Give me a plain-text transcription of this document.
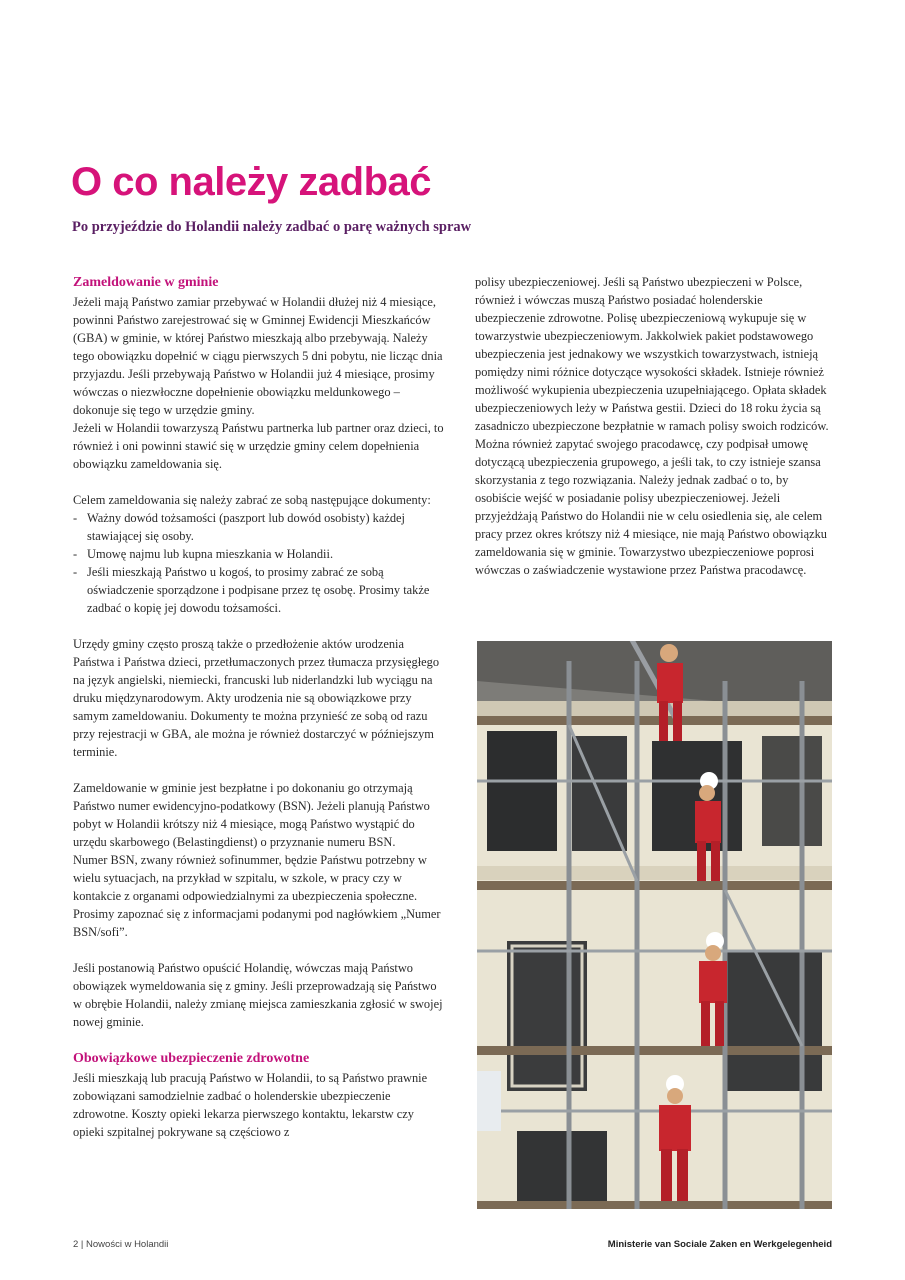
O co należy zadbać
Po przyjeździe do Holandii należy zadbać o parę ważnych spraw
Zameldowanie w gminie

Jeżeli mają Państwo zamiar przebywać w Holandii dłużej niż 4 miesiące, powinni Państwo zarejestrować się w Gminnej Ewidencji Mieszkańców (GBA) w gminie, w której Państwo mieszkają albo przebywają. Należy tego obowiązku dopełnić w ciągu pierwszych 5 dni pobytu, nie licząc dnia przyjazdu. Jeśli przebywają Państwo w Holandii już 4 miesiące, prosimy wówczas o niezwłoczne dopełnienie obowiązku meldunkowego – dokonuje się tego w urzędzie gminy.

Jeżeli w Holandii towarzyszą Państwu partnerka lub partner oraz dzieci, to również i oni powinni stawić się w urzędzie gminy celem dopełnienia obowiązku zameldowania się.

Celem zameldowania się należy zabrać ze sobą następujące dokumenty:

- Ważny dowód tożsamości (paszport lub dowód osobisty) każdej stawiającej się osoby.
- Umowę najmu lub kupna mieszkania w Holandii.
- Jeśli mieszkają Państwo u kogoś, to prosimy zabrać ze sobą oświadczenie sporządzone i podpisane przez tę osobę. Prosimy także zadbać o kopię jej dowodu tożsamości.

Urzędy gminy często proszą także o przedłożenie aktów urodzenia Państwa i Państwa dzieci, przetłumaczonych przez tłumacza przysięgłego na język angielski, niemiecki, francuski lub niderlandzki lub wyciągu na druku międzynarodowym. Akty urodzenia nie są obowiązkowe przy samym zameldowaniu. Dokumenty te można przynieść ze sobą od razu przy rejestracji w GBA, ale można je również dostarczyć w późniejszym terminie.

Zameldowanie w gminie jest bezpłatne i po dokonaniu go otrzymają Państwo numer ewidencyjno-podatkowy (BSN). Jeżeli planują Państwo pobyt w Holandii krótszy niż 4 miesiące, mogą Państwo wystąpić do urzędu skarbowego (Belastingdienst) o przyznanie numeru BSN.

Numer BSN, zwany również sofinummer, będzie Państwu potrzebny w wielu sytuacjach, na przykład w szpitalu, w szkole, w pracy czy w kontakcie z organami odpowiedzialnymi za ubezpieczenia społeczne. Prosimy zapoznać się z informacjami podanymi pod nagłówkiem „Numer BSN/sofi”.

Jeśli postanowią Państwo opuścić Holandię, wówczas mają Państwo obowiązek wymeldowania się z gminy. Jeśli przeprowadzają się Państwo w obrębie Holandii, należy zmianę miejsca zamieszkania zgłosić w swojej nowej gminie.

Obowiązkowe ubezpieczenie zdrowotne

Jeśli mieszkają lub pracują Państwo w Holandii, to są Państwo prawnie zobowiązani samodzielnie zadbać o holenderskie ubezpieczenie zdrowotne. Koszty opieki lekarza pierwszego kontaktu, lekarstw czy opieki szpitalnej pokrywane są częściowo z

polisy ubezpieczeniowej. Jeśli są Państwo ubezpieczeni w Polsce, również i wówczas muszą Państwo posiadać holenderskie ubezpieczenie zdrowotne. Polisę ubezpieczeniową wykupuje się w towarzystwie ubezpieczeniowym. Jakkolwiek pakiet podstawowego ubezpieczenia jest jednakowy we wszystkich towarzystwach, istnieją pomiędzy nimi różnice dotyczące wysokości składek. Istnieje również możliwość wykupienia ubezpieczenia uzupełniającego. Opłata składek ubezpieczeniowych leży w Państwa gestii. Dzieci do 18 roku życia są zasadniczo ubezpieczone bezpłatnie w ramach polisy swoich rodziców. Można również zapytać swojego pracodawcę, czy podpisał umowę dotyczącą ubezpieczenia grupowego, a jeśli tak, to czy istnieje szansa skorzystania z tego rozwiązania. Należy jednak zadbać o to, by osobiście wejść w posiadanie polisy ubezpieczeniowej. Jeżeli przyjeżdżają Państwo do Holandii nie w celu osiedlenia się, ale celem pracy przez okres krótszy niż 4 miesiące, nie mają Państwo obowiązku zameldowania się w gminie. Towarzystwo ubezpieczeniowe poprosi wówczas o zaświadczenie wystawione przez Państwa pracodawcę.

2 | Nowości w Holandii	Ministerie van Sociale Zaken en Werkgelegenheid
